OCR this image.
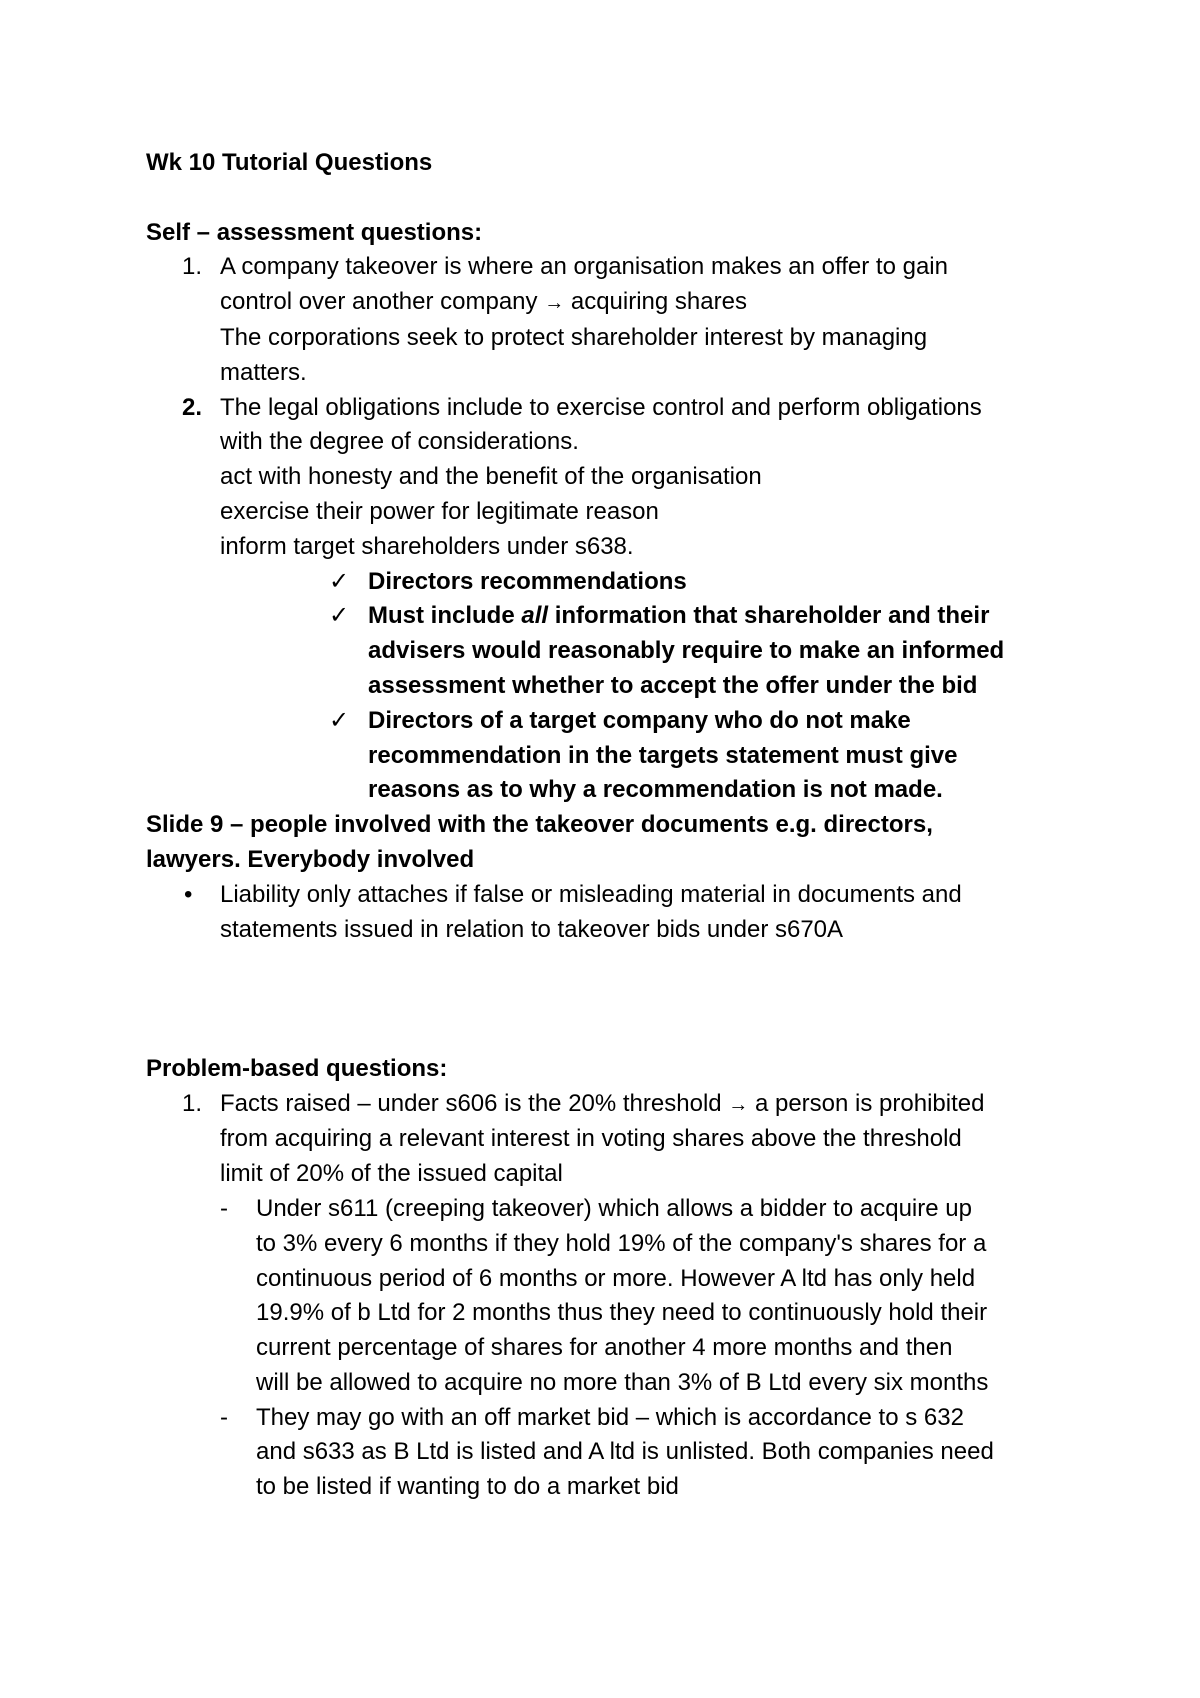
Wk 10 Tutorial Questions

Self – assessment questions:

1. A company takeover is where an organisation makes an offer to gain

control over another company → acquiring shares

The corporations seek to protect shareholder interest by managing

matters.

2. The legal obligations include to exercise control and perform obligations

with the degree of considerations.

act with honesty and the benefit of the organisation

exercise their power for legitimate reason

inform target shareholders under s638.

✓ Directors recommendations

✓ Must include all information that shareholder and their

advisers would reasonably require to make an informed

assessment whether to accept the offer under the bid

✓ Directors of a target company who do not make

recommendation in the targets statement must give

reasons as to why a recommendation is not made.

Slide 9 – people involved with the takeover documents e.g. directors,

lawyers. Everybody involved

• Liability only attaches if false or misleading material in documents and

statements issued in relation to takeover bids under s670A

Problem-based questions:

1. Facts raised – under s606 is the 20% threshold → a person is prohibited

from acquiring a relevant interest in voting shares above the threshold

limit of 20% of the issued capital

- Under s611 (creeping takeover) which allows a bidder to acquire up

to 3% every 6 months if they hold 19% of the company's shares for a

continuous period of 6 months or more. However A ltd has only held

19.9% of b Ltd for 2 months thus they need to continuously hold their

current percentage of shares for another 4 more months and then

will be allowed to acquire no more than 3% of B Ltd every six months

- They may go with an off market bid – which is accordance to s 632

and s633 as B Ltd is listed and A ltd is unlisted. Both companies need

to be listed if wanting to do a market bid
